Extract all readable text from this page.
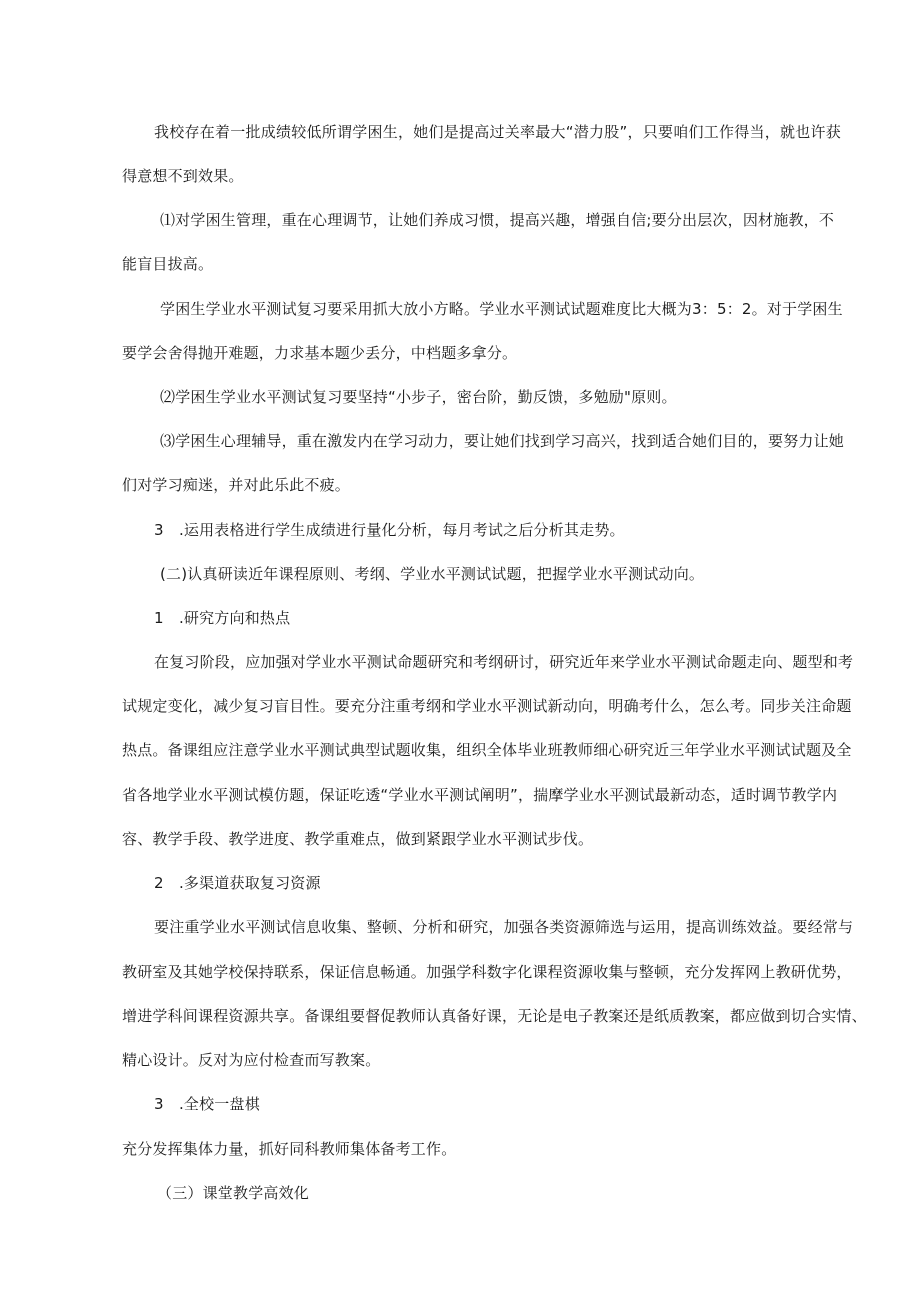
我校存在着一批成绩较低所谓学困生，她们是提高过关率最大“潜力股”，只要咱们工作得当，就也许获

得意想不到效果。

⑴对学困生管理，重在心理调节，让她们养成习惯，提高兴趣，增强自信;要分出层次，因材施教，不

能盲目拔高。

学困生学业水平测试复习要采用抓大放小方略。学业水平测试试题难度比大概为3：5：2。对于学困生

要学会舍得抛开难题，力求基本题少丢分，中档题多拿分。

⑵学困生学业水平测试复习要坚持“小步子，密台阶，勤反馈，多勉励"原则。

⑶学困生心理辅导，重在激发内在学习动力，要让她们找到学习高兴，找到适合她们目的，要努力让她

们对学习痴迷，并对此乐此不疲。

3　.运用表格进行学生成绩进行量化分析，每月考试之后分析其走势。

(二)认真研读近年课程原则、考纲、学业水平测试试题，把握学业水平测试动向。

1　.研究方向和热点

在复习阶段，应加强对学业水平测试命题研究和考纲研讨，研究近年来学业水平测试命题走向、题型和考

试规定变化，减少复习盲目性。要充分注重考纲和学业水平测试新动向，明确考什么，怎么考。同步关注命题

热点。备课组应注意学业水平测试典型试题收集，组织全体毕业班教师细心研究近三年学业水平测试试题及全

省各地学业水平测试模仿题，保证吃透“学业水平测试阐明”，揣摩学业水平测试最新动态，适时调节教学内

容、教学手段、教学进度、教学重难点，做到紧跟学业水平测试步伐。

2　.多渠道获取复习资源

要注重学业水平测试信息收集、整顿、分析和研究，加强各类资源筛选与运用，提高训练效益。要经常与

教研室及其她学校保持联系，保证信息畅通。加强学科数字化课程资源收集与整顿，充分发挥网上教研优势，

增进学科间课程资源共享。备课组要督促教师认真备好课，无论是电子教案还是纸质教案，都应做到切合实情、

精心设计。反对为应付检查而写教案。

3　.全校一盘棋

充分发挥集体力量，抓好同科教师集体备考工作。

（三）课堂教学高效化
